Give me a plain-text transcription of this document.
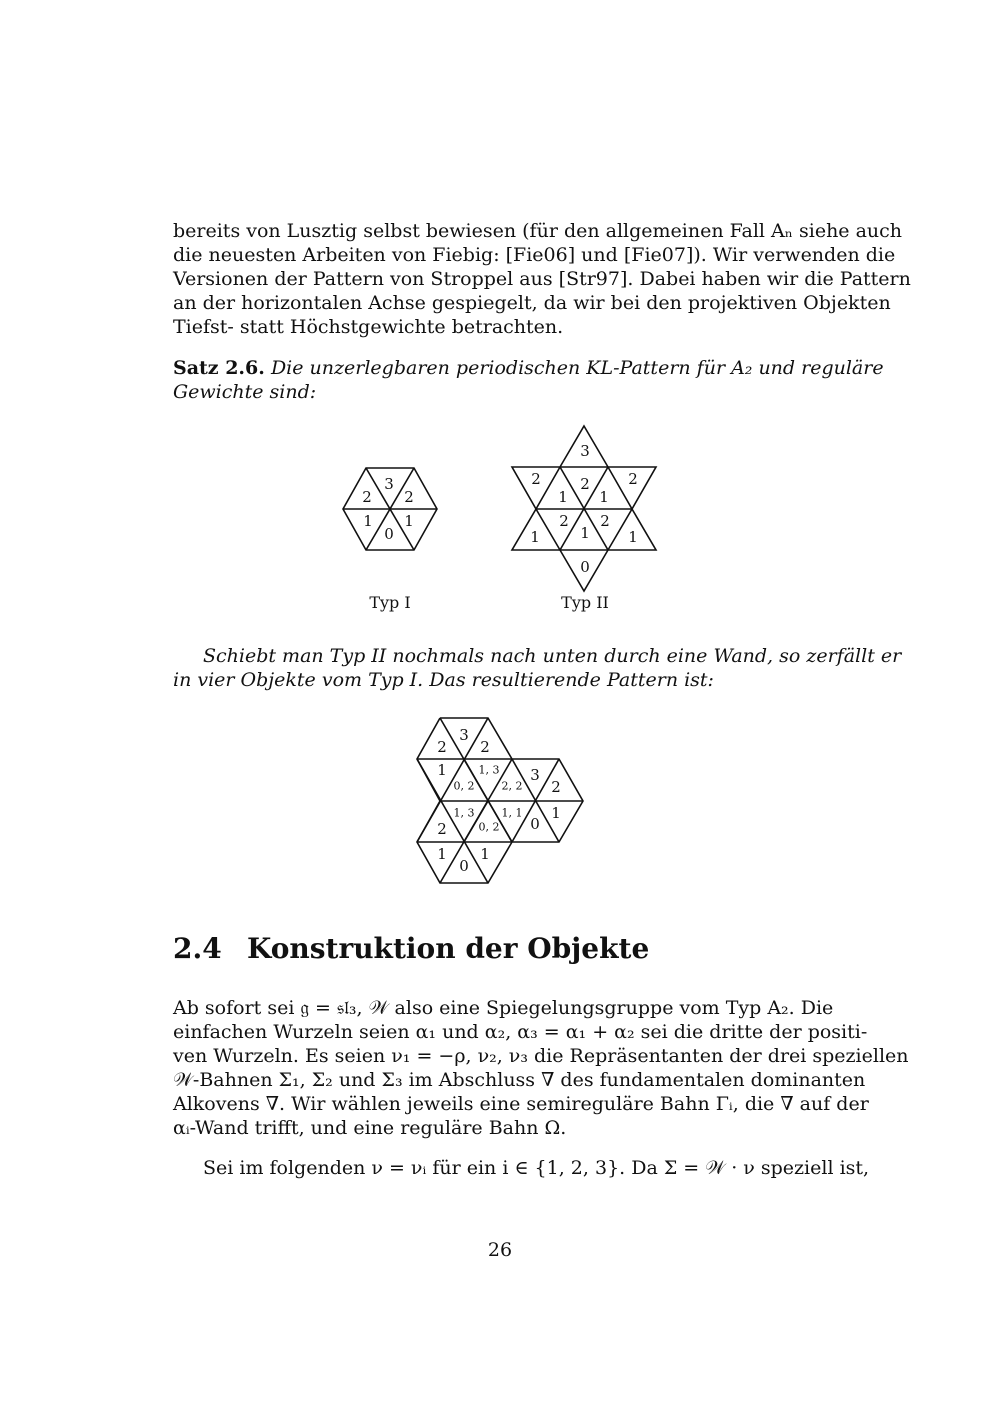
bereits von Lusztig selbst bewiesen (für den allgemeinen Fall Aₙ siehe auch
die neuesten Arbeiten von Fiebig: [Fie06] und [Fie07]). Wir verwenden die
Versionen der Pattern von Stroppel aus [Str97]. Dabei haben wir die Pattern
an der horizontalen Achse gespiegelt, da wir bei den projektiven Objekten
Tiefst- statt Höchstgewichte betrachten.
Satz 2.6. Die unzerlegbaren periodischen KL-Pattern für A₂ und reguläre
Gewichte sind:
3
2 2
1 1
0
Typ I
3
2	2	2
1 1
2 2
1	1	1
0
Typ II
Schiebt man Typ II nochmals nach unten durch eine Wand, so zerfällt er
in vier Objekte vom Typ I. Das resultierende Pattern ist:
3
2 2
1
0, 2
1, 3
2, 2
3
2
2
1, 3
0, 2
1, 1
0
1
1 1
0
2.4 Konstruktion der Objekte
Ab sofort sei 𝔤 = 𝔰𝔩₃, 𝒲 also eine Spiegelungsgruppe vom Typ A₂. Die
einfachen Wurzeln seien α₁ und α₂, α₃ = α₁ + α₂ sei die dritte der positi-
ven Wurzeln. Es seien ν₁ = −ρ, ν₂, ν₃ die Repräsentanten der drei speziellen
𝒲-Bahnen Σ₁, Σ₂ und Σ₃ im Abschluss ∇̄ des fundamentalen dominanten
Alkovens ∇. Wir wählen jeweils eine semireguläre Bahn Γᵢ, die ∇ auf der
αᵢ-Wand trifft, und eine reguläre Bahn Ω.
Sei im folgenden ν = νᵢ für ein i ∈ {1, 2, 3}. Da Σ = 𝒲 · ν speziell ist,
26
